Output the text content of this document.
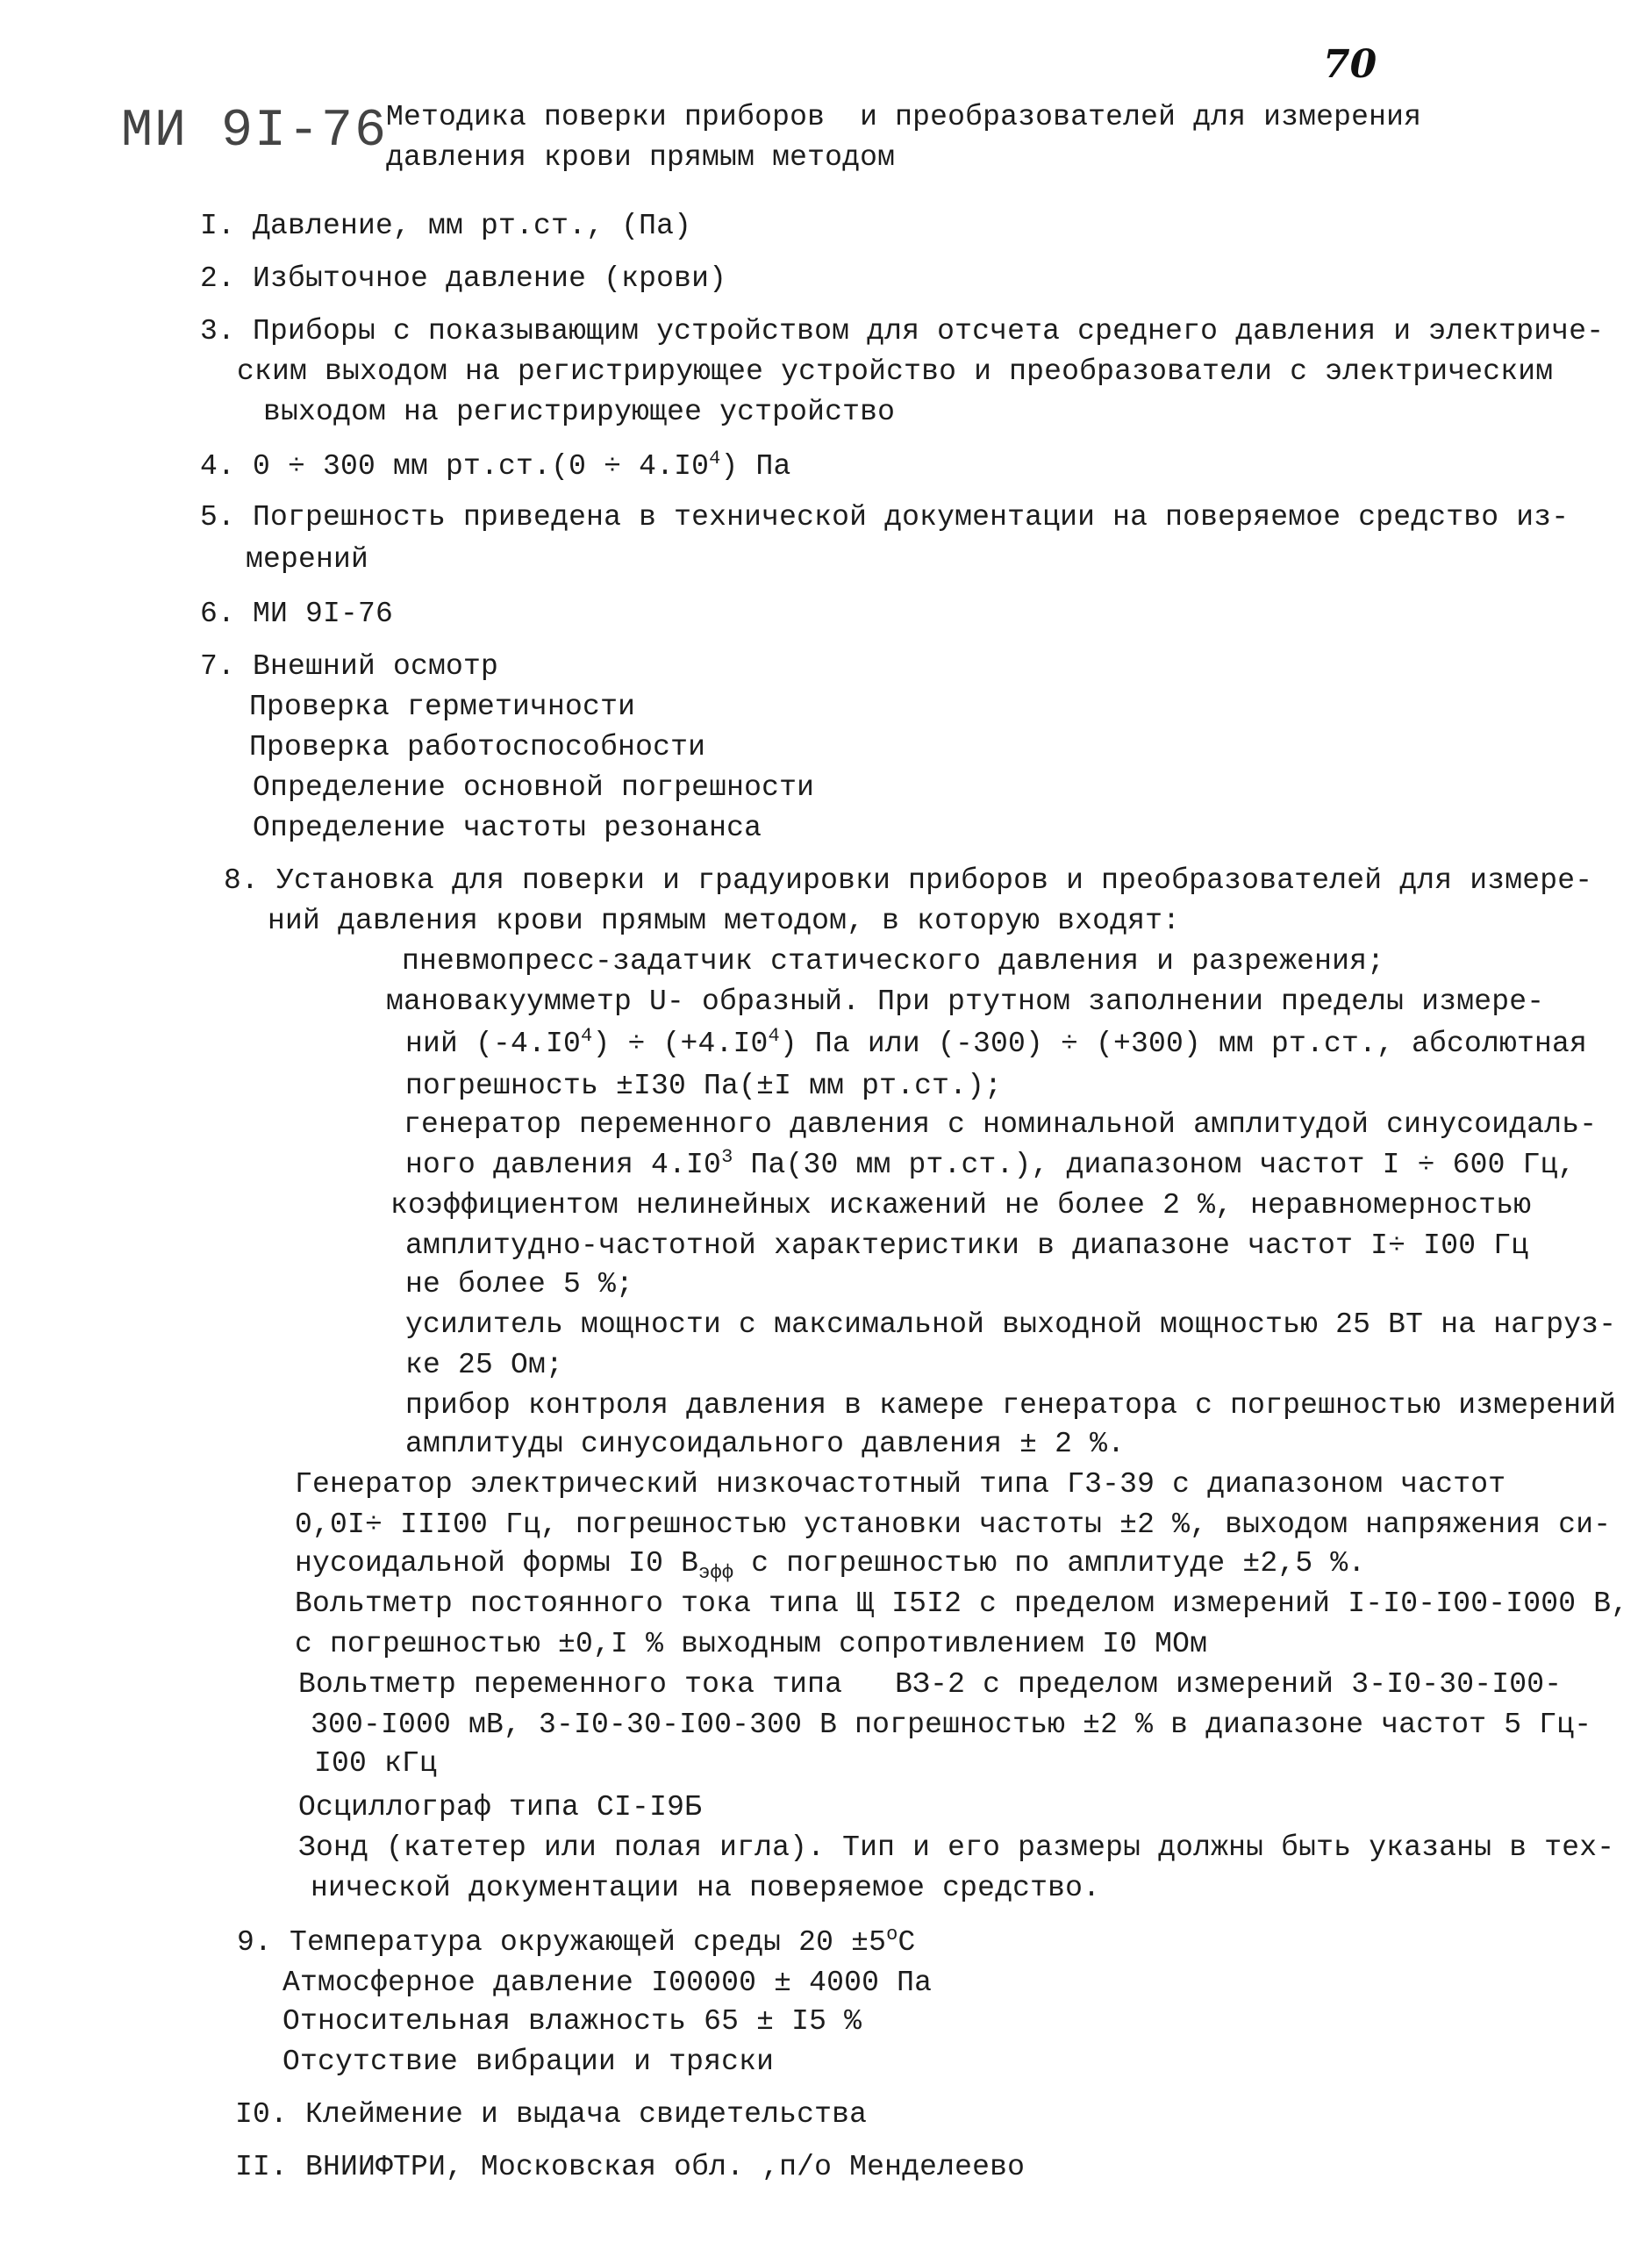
70
МИ 9I-76
Методика поверки приборов  и преобразователей для измерения
давления крови прямым методом
I. Давление, мм рт.ст., (Па)
2. Избыточное давление (крови)
3. Приборы с показывающим устройством для отсчета среднего давления и электриче-
ским выходом на регистрирующее устройство и преобразователи с электрическим
выходом на регистрирующее устройство
4. 0 ÷ 300 мм $рт.ст.(0 \div 4.I0^4)$ Па
5. Погрешность приведена в технической документации на поверяемое средство из-
мерений
6. МИ 9I-76
7. Внешний осмотр
Проверка герметичности
Проверка работоспособности
Определение основной погрешности
Определение частоты резонанса
8. Установка для поверки и градуировки приборов и преобразователей для измере-
ний давления крови прямым методом, в которую входят:
пневмопресс-задатчик статического давления и разрежения;
мановакуумметр U- образный. При ртутном заполнении пределы измере-
ний $(-4.I0^4) \div (+4.I0^4)$ Па или (-300) ÷ (+300) мм рт.ст., абсолютная
погрешность ±I30 Па(±I мм рт.ст.);
генератор переменного давления с номинальной амплитудой синусоидаль-
ного давления $4.I0^3$ Па(30 мм рт.ст.), диапазоном частот I ÷ 600 Гц,
коэффициентом нелинейных искажений не более 2 %, неравномерностью
амплитудно-частотной характеристики в диапазоне частот I÷ I00 Гц
не более 5 %;
усилитель мощности с максимальной выходной мощностью 25 ВТ на нагруз-
ке 25 Ом;
прибор контроля давления в камере генератора с погрешностью измерений
амплитуды синусоидального давления ± 2 %.
Генератор электрический низкочастотный типа Г3-39 с диапазоном частот
0,0I÷ III00 Гц, погрешностью установки частоты ±2 %, выходом напряжения си-
нусоидальной формы I0 $В_{эфф}$ с погрешностью по амплитуде ±2,5 %.
Вольтметр постоянного тока типа Щ I5I2 с пределом измерений I-I0-I00-I000 В,
с погрешностью ±0,I % выходным сопротивлением I0 МОм
Вольтметр переменного тока типа   ВЗ-2 с пределом измерений 3-I0-30-I00-
300-I000 мВ, 3-I0-30-I00-300 В погрешностью ±2 % в диапазоне частот 5 Гц-
I00 кГц
Осциллограф типа СI-I9Б
Зонд (катетер или полая игла). Тип и его размеры должны быть указаны в тех-
нической документации на поверяемое средство.
9. Температура окружающей среды $20 \pm 5^оС$
Атмосферное давление I00000 ± 4000 Па
Относительная влажность 65 ± I5 %
Отсутствие вибрации и тряски
I0. Клеймение и выдача свидетельства
II. ВНИИФТРИ, Московская обл. ,п/о Менделеево
